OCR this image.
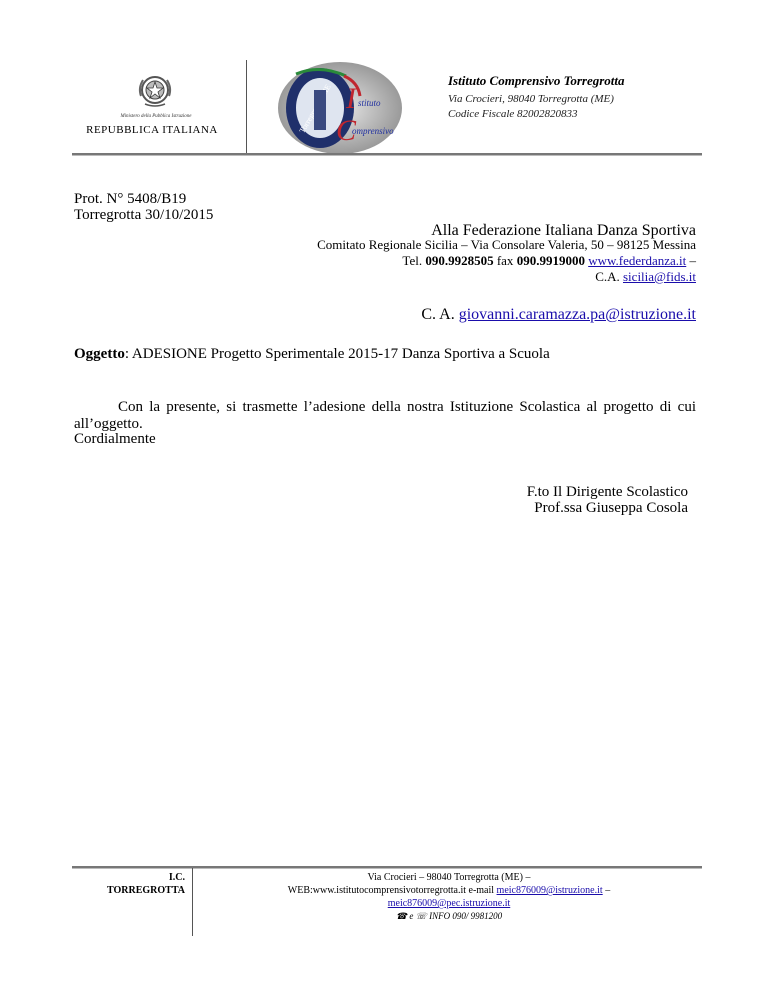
Ministero della Pubblica Istruzione
REPUBBLICA ITALIANA	Torregrotta
I stituto
C
omprensivo
Istituto Comprensivo Torregrotta
Via Crocieri, 98040 Torregrotta (ME)
Codice Fiscale 82002820833
Prot. N° 5408/B19
Torregrotta 30/10/2015
Alla Federazione Italiana Danza Sportiva
Comitato Regionale Sicilia – Via Consolare Valeria, 50 – 98125 Messina
Tel. 090.9928505 fax 090.9919000 www.federdanza.it –
C.A. sicilia@fids.it
C. A. giovanni.caramazza.pa@istruzione.it
Oggetto: ADESIONE Progetto Sperimentale 2015-17 Danza Sportiva a Scuola
Con la presente, si trasmette l’adesione della nostra Istituzione Scolastica al progetto di cui all’oggetto.
Cordialmente
F.to Il Dirigente Scolastico
Prof.ssa Giuseppa Cosola
I.C.
TORREGROTTA
Via Crocieri – 98040 Torregrotta (ME) –
WEB:www.istitutocomprensivotorregrotta.it e-mail meic876009@istruzione.it –
meic876009@pec.istruzione.it
☎ e ☏ INFO 090/ 9981200
